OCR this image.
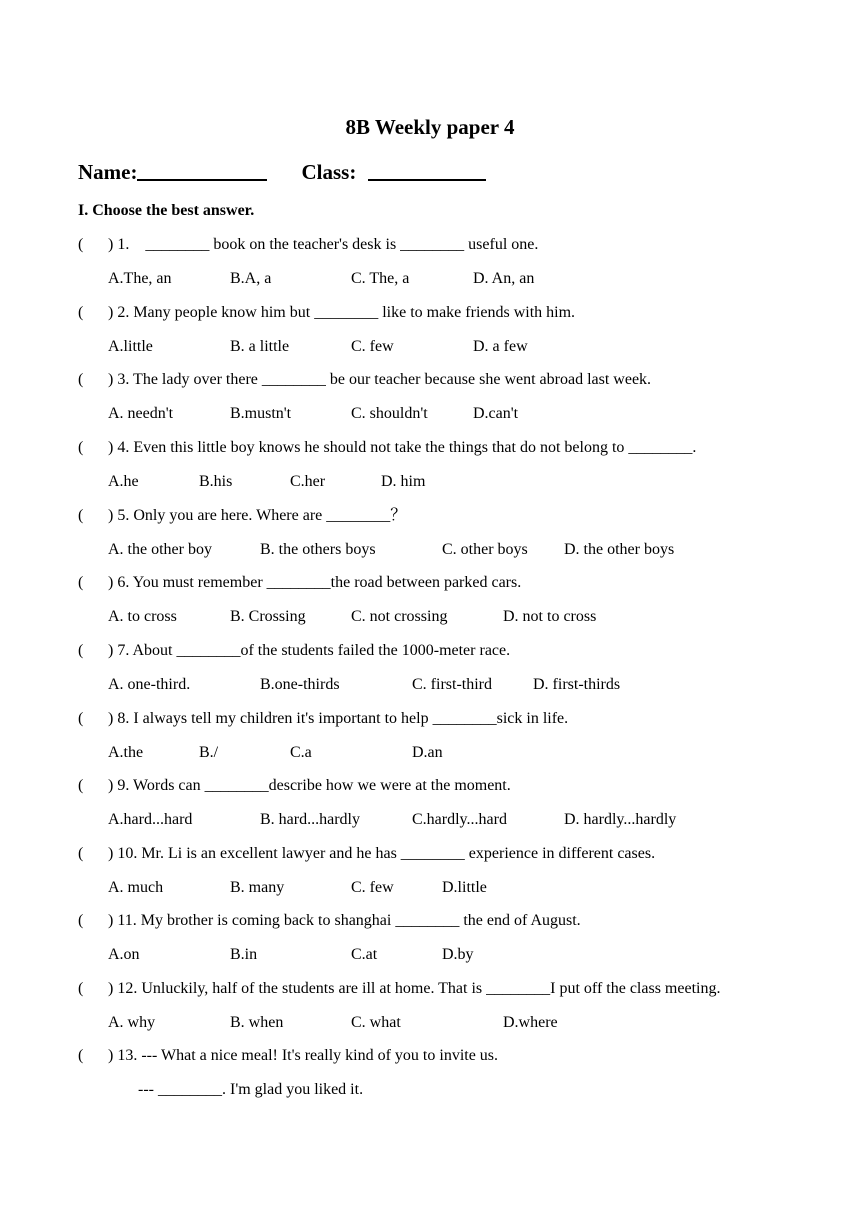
8B Weekly paper 4
Name:	Class:
I. Choose the best answer.

(

) 1.    ________ book on the teacher's desk is ________ useful one.

A.The, an

	B.A, a

	C. The, a

	D. An, an

(

) 2. Many people know him but ________ like to make friends with him.

A.little

	B. a little

	C. few

	D. a few

(

) 3. The lady over there ________ be our teacher because she went abroad last week.

A. needn't

	B.mustn't

	C. shouldn't

	D.can't

(

) 4. Even this little boy knows he should not take the things that do not belong to ________.

A.he

	B.his

	C.her

	D. him

(

) 5. Only you are here. Where are ________？

A. the other boy

	B. the others boys

	C. other boys

D. the other boys

(

) 6. You must remember ________the road between parked cars.

A. to cross

	B. Crossing

	C. not crossing

	D. not to cross

(

) 7. About ________of the students failed the 1000-meter race.

A. one-third.

	B.one-thirds

	C. first-third

	D. first-thirds

(

) 8. I always tell my children it's important to help ________sick in life.

A.the

	B./

	C.a

	D.an

(

) 9. Words can ________describe how we were at the moment.

A.hard...hard

	B. hard...hardly

	C.hardly...hard

	D. hardly...hardly

(

) 10. Mr. Li is an excellent lawyer and he has ________ experience in different cases.

A. much

	B. many

	C. few

	D.little

(

) 11. My brother is coming back to shanghai ________ the end of August.

A.on

	B.in

	C.at

	D.by

(

) 12. Unluckily, half of the students are ill at home. That is ________I put off the class meeting.

A. why

	B. when

	C. what

	D.where

(

) 13. --- What a nice meal! It's really kind of you to invite us.

--- ________. I'm glad you liked it.
